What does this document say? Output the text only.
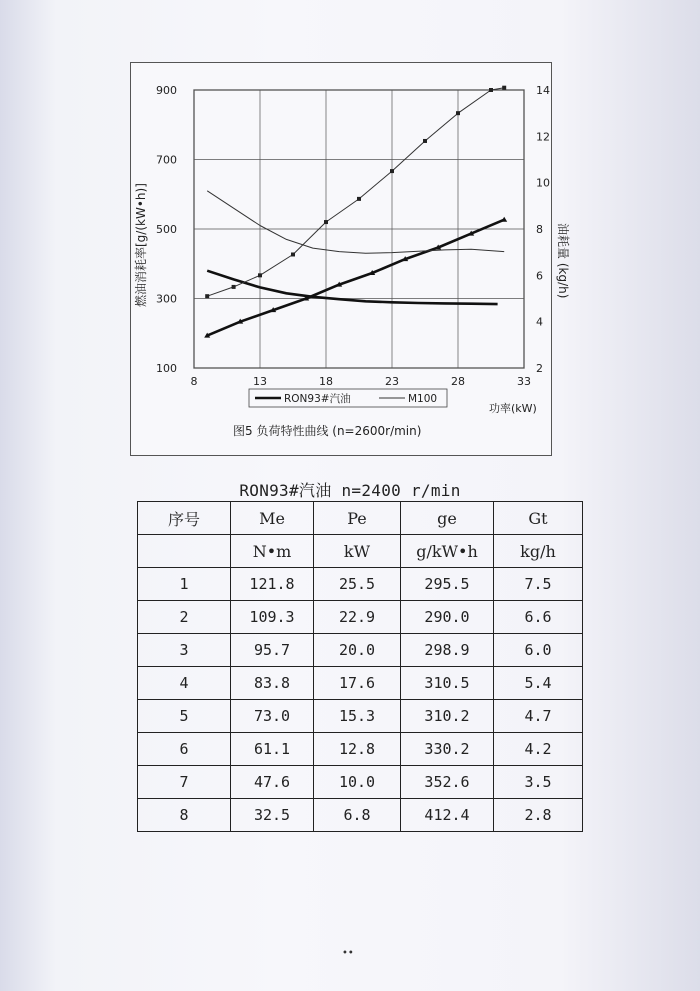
8	13	18	23	28	33
100
300
500
700
900
2
4
6
8
10
12
14
燃油消耗率[g/(kW•h)]	油耗量 (kg/h)
功率(kW)
RON93#汽油	M100
图5 负荷特性曲线 (n=2600r/min)
RON93#汽油 n=2400 r/min
序号	Me	Pe	ge	Gt
	N•m	kW	g/kW•h	kg/h
1	121.8	25.5	295.5	7.5
2	109.3	22.9	290.0	6.6
3	95.7	20.0	298.9	6.0
4	83.8	17.6	310.5	5.4
5	73.0	15.3	310.2	4.7
6	61.1	12.8	330.2	4.2
7	47.6	10.0	352.6	3.5
8	32.5	6.8	412.4	2.8
••
